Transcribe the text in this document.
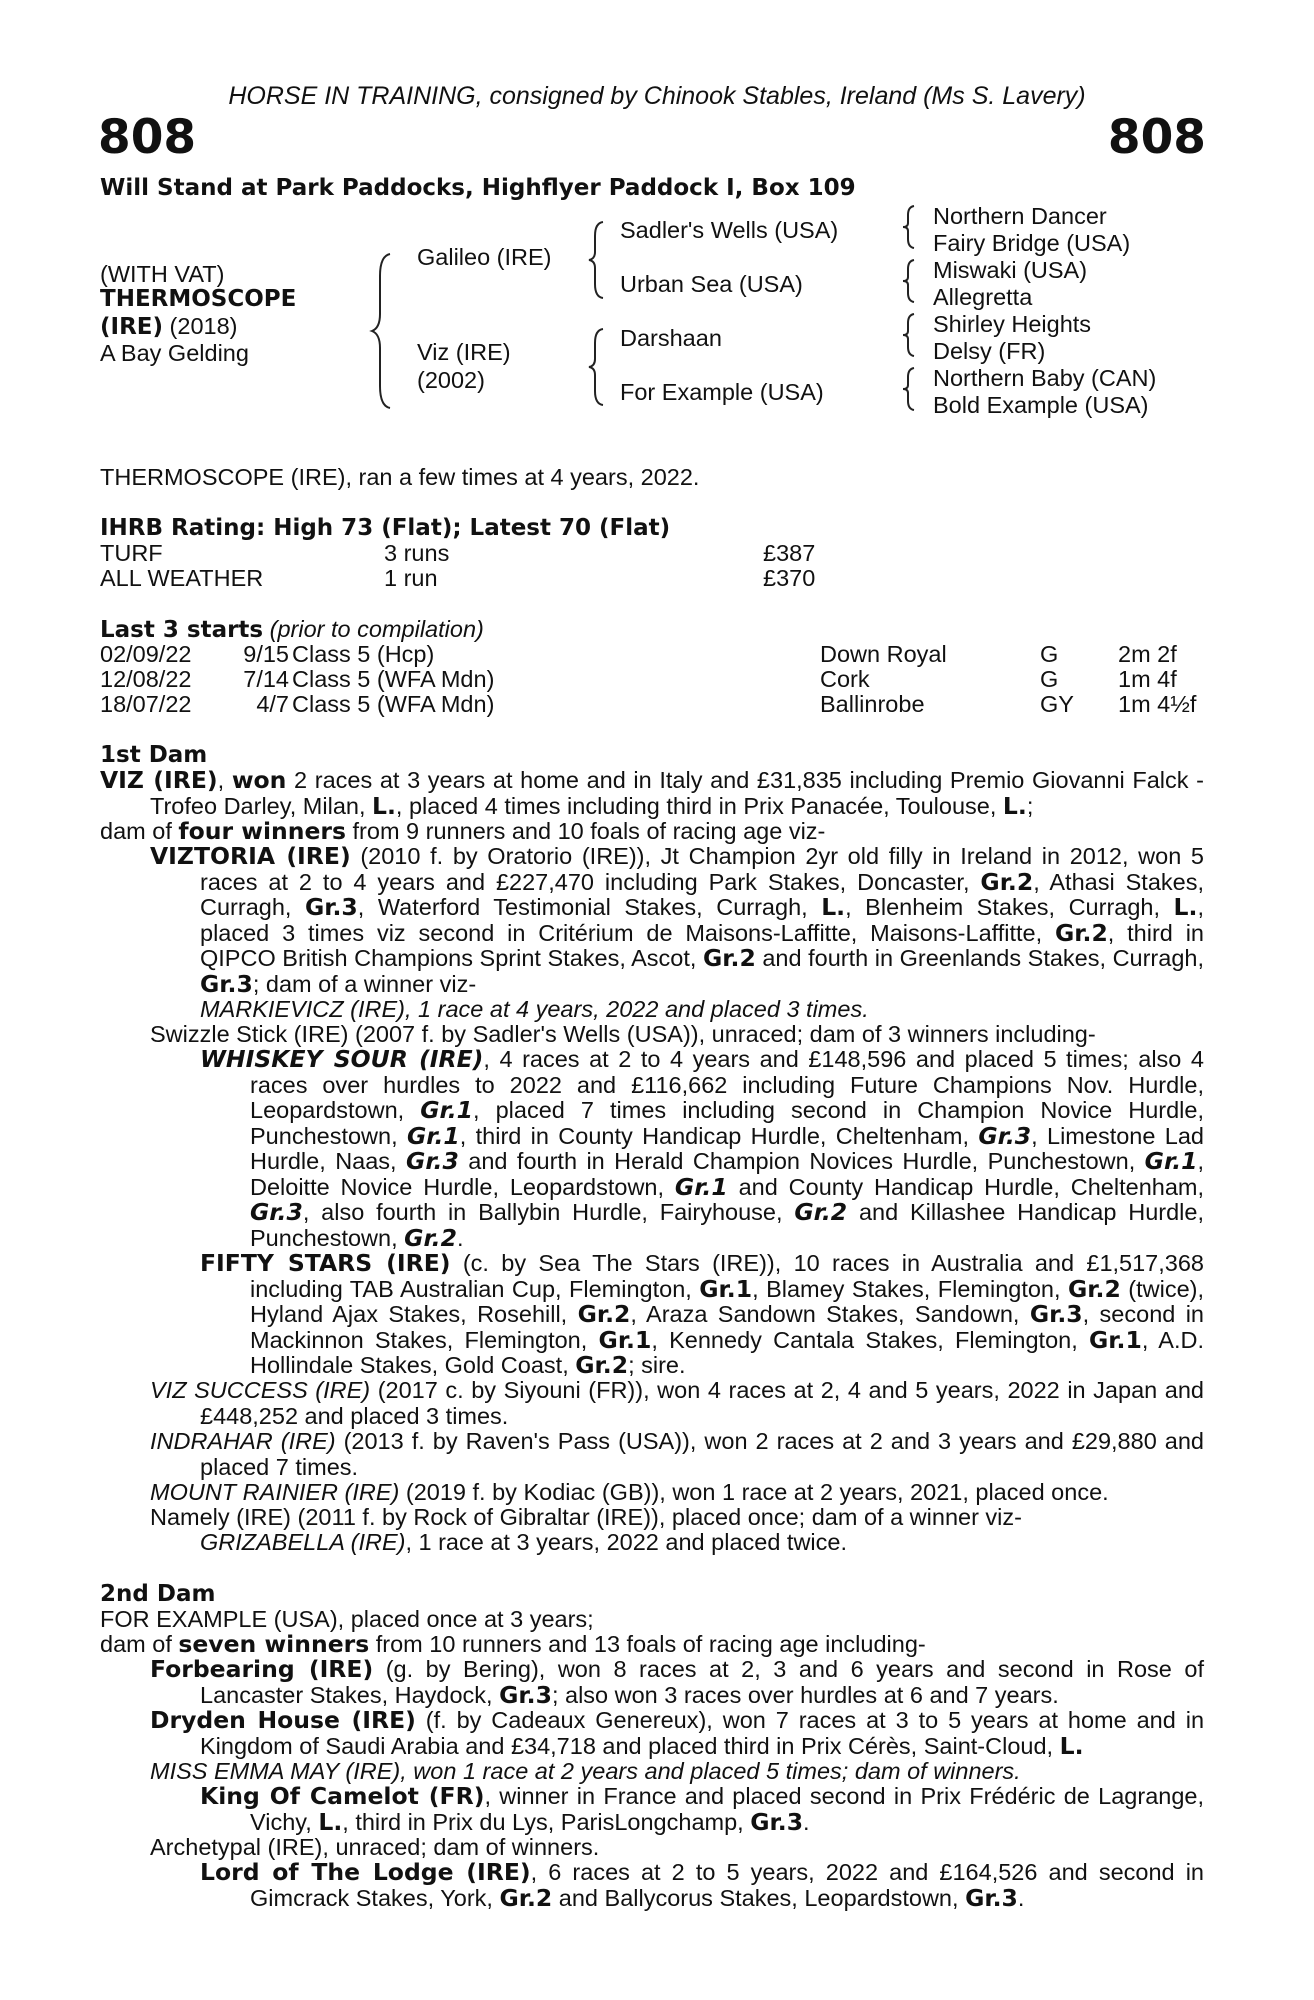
HORSE IN TRAINING, consigned by Chinook Stables, Ireland (Ms S. Lavery)
808	808
Will Stand at Park Paddocks, Highflyer Paddock I, Box 109
(WITH VAT)
THERMOSCOPE
(IRE) (2018)
A Bay Gelding
Galileo (IRE)
Viz (IRE)
(2002)
Sadler's Wells (USA)
Urban Sea (USA)
Darshaan
For Example (USA)
Northern Dancer
Fairy Bridge (USA)
Miswaki (USA)
Allegretta
Shirley Heights
Delsy (FR)
Northern Baby (CAN)
Bold Example (USA)
THERMOSCOPE (IRE), ran a few times at 4 years, 2022.
IHRB Rating: High 73 (Flat); Latest 70 (Flat)
TURF	3 runs	£387
ALL WEATHER	1 run	£370
Last 3 starts (prior to compilation)
02/09/22 9/15 Class 5 (Hcp)	Down Royal	G	2m 2f
12/08/22 7/14 Class 5 (WFA Mdn)	Cork	G	1m 4f
18/07/22	4/7 Class 5 (WFA Mdn)	Ballinrobe	GY 1m 4½f
1st Dam

VIZ (IRE), won 2 races at 3 years at home and in Italy and £31,835 including Premio Giovanni Falck - Trofeo Darley, Milan, L., placed 4 times including third in Prix Panacée, Toulouse, L.;

dam of four winners from 9 runners and 10 foals of racing age viz-

VIZTORIA (IRE) (2010 f. by Oratorio (IRE)), Jt Champion 2yr old filly in Ireland in 2012, won 5 races at 2 to 4 years and £227,470 including Park Stakes, Doncaster, Gr.2, Athasi Stakes, Curragh, Gr.3, Waterford Testimonial Stakes, Curragh, L., Blenheim Stakes, Curragh, L., placed 3 times viz second in Critérium de Maisons-Laffitte, Maisons-Laffitte, Gr.2, third in QIPCO British Champions Sprint Stakes, Ascot, Gr.2 and fourth in Greenlands Stakes, Curragh, Gr.3; dam of a winner viz-

MARKIEVICZ (IRE), 1 race at 4 years, 2022 and placed 3 times.

Swizzle Stick (IRE) (2007 f. by Sadler's Wells (USA)), unraced; dam of 3 winners including-

WHISKEY SOUR (IRE), 4 races at 2 to 4 years and £148,596 and placed 5 times; also 4 races over hurdles to 2022 and £116,662 including Future Champions Nov. Hurdle, Leopardstown, Gr.1, placed 7 times including second in Champion Novice Hurdle, Punchestown, Gr.1, third in County Handicap Hurdle, Cheltenham, Gr.3, Limestone Lad Hurdle, Naas, Gr.3 and fourth in Herald Champion Novices Hurdle, Punchestown, Gr.1, Deloitte Novice Hurdle, Leopardstown, Gr.1 and County Handicap Hurdle, Cheltenham, Gr.3, also fourth in Ballybin Hurdle, Fairyhouse, Gr.2 and Killashee Handicap Hurdle, Punchestown, Gr.2.

FIFTY STARS (IRE) (c. by Sea The Stars (IRE)), 10 races in Australia and £1,517,368 including TAB Australian Cup, Flemington, Gr.1, Blamey Stakes, Flemington, Gr.2 (twice), Hyland Ajax Stakes, Rosehill, Gr.2, Araza Sandown Stakes, Sandown, Gr.3, second in Mackinnon Stakes, Flemington, Gr.1, Kennedy Cantala Stakes, Flemington, Gr.1, A.D. Hollindale Stakes, Gold Coast, Gr.2; sire.

VIZ SUCCESS (IRE) (2017 c. by Siyouni (FR)), won 4 races at 2, 4 and 5 years, 2022 in Japan and £448,252 and placed 3 times.

INDRAHAR (IRE) (2013 f. by Raven's Pass (USA)), won 2 races at 2 and 3 years and £29,880 and placed 7 times.

MOUNT RAINIER (IRE) (2019 f. by Kodiac (GB)), won 1 race at 2 years, 2021, placed once.

Namely (IRE) (2011 f. by Rock of Gibraltar (IRE)), placed once; dam of a winner viz-

GRIZABELLA (IRE), 1 race at 3 years, 2022 and placed twice.

2nd Dam
FOR EXAMPLE (USA), placed once at 3 years;
dam of seven winners from 10 runners and 13 foals of racing age including-

Forbearing (IRE) (g. by Bering), won 8 races at 2, 3 and 6 years and second in Rose of Lancaster Stakes, Haydock, Gr.3; also won 3 races over hurdles at 6 and 7 years.

Dryden House (IRE) (f. by Cadeaux Genereux), won 7 races at 3 to 5 years at home and in Kingdom of Saudi Arabia and £34,718 and placed third in Prix Cérès, Saint-Cloud, L.

MISS EMMA MAY (IRE), won 1 race at 2 years and placed 5 times; dam of winners.

King Of Camelot (FR), winner in France and placed second in Prix Frédéric de Lagrange, Vichy, L., third in Prix du Lys, ParisLongchamp, Gr.3.

Archetypal (IRE), unraced; dam of winners.

Lord of The Lodge (IRE), 6 races at 2 to 5 years, 2022 and £164,526 and second in Gimcrack Stakes, York, Gr.2 and Ballycorus Stakes, Leopardstown, Gr.3.
